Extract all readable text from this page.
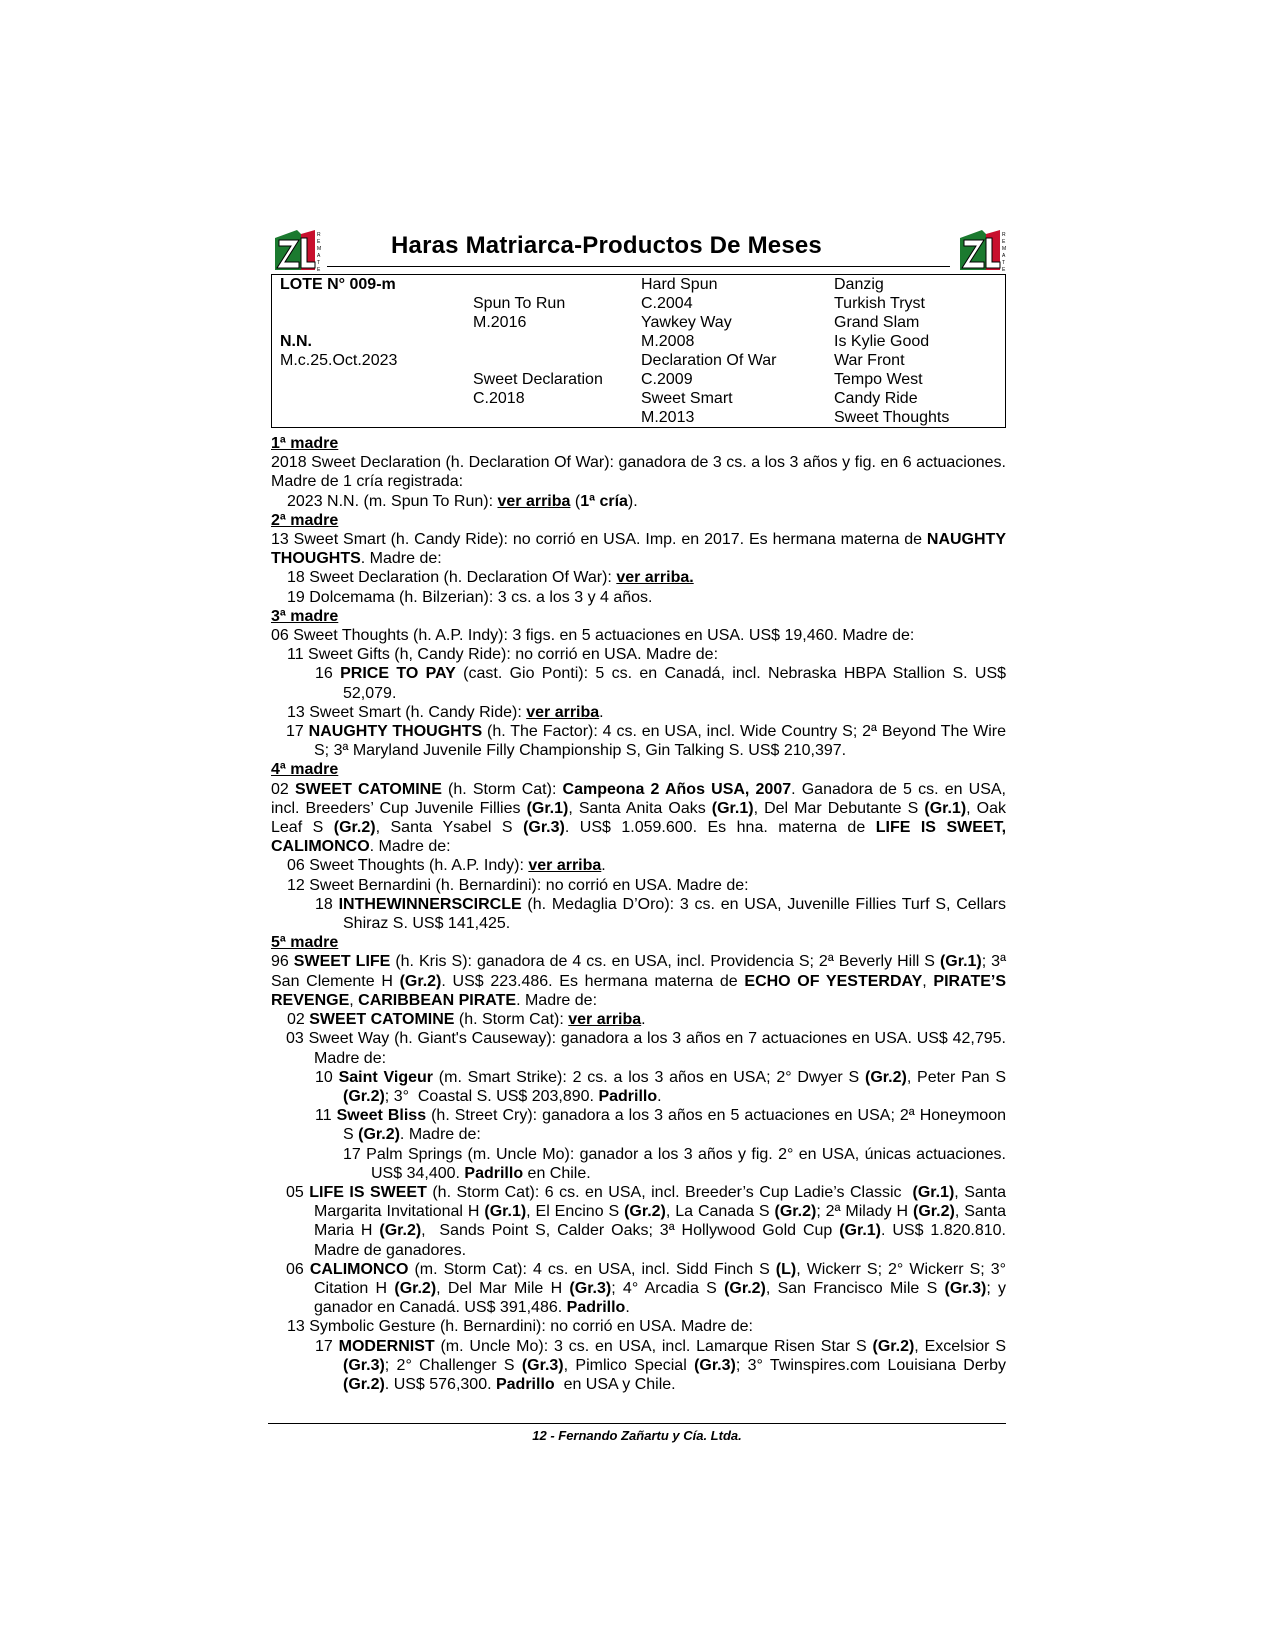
R
E
M
A
T
E
Haras Matriarca-Productos De Meses	R
E
M
A
T
E
LOTE N° 009-m		Hard Spun	Danzig
	Spun To Run	C.2004	Turkish Tryst
	M.2016	Yawkey Way	Grand Slam
N.N.		M.2008	Is Kylie Good
M.c.25.Oct.2023		Declaration Of War	War Front
	Sweet Declaration	C.2009	Tempo West
	C.2018	Sweet Smart	Candy Ride
		M.2013	Sweet Thoughts

1ª madre

2018 Sweet Declaration (h. Declaration Of War): ganadora de 3 cs. a los 3 años y fig. en 6 actuaciones. Madre de 1 cría registrada:

2023 N.N. (m. Spun To Run): ver arriba (1ª cría).

2ª madre

13 Sweet Smart (h. Candy Ride): no corrió en USA. Imp. en 2017. Es hermana materna de NAUGHTY THOUGHTS. Madre de:

18 Sweet Declaration (h. Declaration Of War): ver arriba.

19 Dolcemama (h. Bilzerian): 3 cs. a los 3 y 4 años.

3ª madre

06 Sweet Thoughts (h. A.P. Indy): 3 figs. en 5 actuaciones en USA. US$ 19,460. Madre de:

11 Sweet Gifts (h, Candy Ride): no corrió en USA. Madre de:

16 PRICE TO PAY (cast. Gio Ponti): 5 cs. en Canadá, incl. Nebraska HBPA Stallion S. US$ 52,079.

13 Sweet Smart (h. Candy Ride): ver arriba.

17 NAUGHTY THOUGHTS (h. The Factor): 4 cs. en USA, incl. Wide Country S; 2ª Beyond The Wire S; 3ª Maryland Juvenile Filly Championship S, Gin Talking S. US$ 210,397.

4ª madre

02 SWEET CATOMINE (h. Storm Cat): Campeona 2 Años USA, 2007. Ganadora de 5 cs. en USA, incl. Breeders’ Cup Juvenile Fillies (Gr.1), Santa Anita Oaks (Gr.1), Del Mar Debutante S (Gr.1), Oak Leaf S (Gr.2), Santa Ysabel S (Gr.3). US$ 1.059.600. Es hna. materna de LIFE IS SWEET, CALIMONCO. Madre de:

06 Sweet Thoughts (h. A.P. Indy): ver arriba.

12 Sweet Bernardini (h. Bernardini): no corrió en USA. Madre de:

18 INTHEWINNERSCIRCLE (h. Medaglia D’Oro): 3 cs. en USA, Juvenille Fillies Turf S, Cellars Shiraz S. US$ 141,425.

5ª madre

96 SWEET LIFE (h. Kris S): ganadora de 4 cs. en USA, incl. Providencia S; 2ª Beverly Hill S (Gr.1); 3ª San Clemente H (Gr.2). US$ 223.486. Es hermana materna de ECHO OF YESTERDAY, PIRATE’S REVENGE, CARIBBEAN PIRATE. Madre de:

02 SWEET CATOMINE (h. Storm Cat): ver arriba.

03 Sweet Way (h. Giant's Causeway): ganadora a los 3 años en 7 actuaciones en USA. US$ 42,795. Madre de:

10 Saint Vigeur (m. Smart Strike): 2 cs. a los 3 años en USA; 2° Dwyer S (Gr.2), Peter Pan S (Gr.2); 3°  Coastal S. US$ 203,890. Padrillo.

11 Sweet Bliss (h. Street Cry): ganadora a los 3 años en 5 actuaciones en USA; 2ª Honeymoon S (Gr.2). Madre de:

17 Palm Springs (m. Uncle Mo): ganador a los 3 años y fig. 2° en USA, únicas actuaciones. US$ 34,400. Padrillo en Chile.

05 LIFE IS SWEET (h. Storm Cat): 6 cs. en USA, incl. Breeder’s Cup Ladie’s Classic  (Gr.1), Santa Margarita Invitational H (Gr.1), El Encino S (Gr.2), La Canada S (Gr.2); 2ª Milady H (Gr.2), Santa Maria H (Gr.2),  Sands Point S, Calder Oaks; 3ª Hollywood Gold Cup (Gr.1). US$ 1.820.810. Madre de ganadores.

06 CALIMONCO (m. Storm Cat): 4 cs. en USA, incl. Sidd Finch S (L), Wickerr S; 2° Wickerr S; 3° Citation H (Gr.2), Del Mar Mile H (Gr.3); 4° Arcadia S (Gr.2), San Francisco Mile S (Gr.3); y ganador en Canadá. US$ 391,486. Padrillo.

13 Symbolic Gesture (h. Bernardini): no corrió en USA. Madre de:

17 MODERNIST (m. Uncle Mo): 3 cs. en USA, incl. Lamarque Risen Star S (Gr.2), Excelsior S (Gr.3); 2° Challenger S (Gr.3), Pimlico Special (Gr.3); 3° Twinspires.com Louisiana Derby (Gr.2). US$ 576,300. Padrillo  en USA y Chile.

12 - Fernando Zañartu y Cía. Ltda.
